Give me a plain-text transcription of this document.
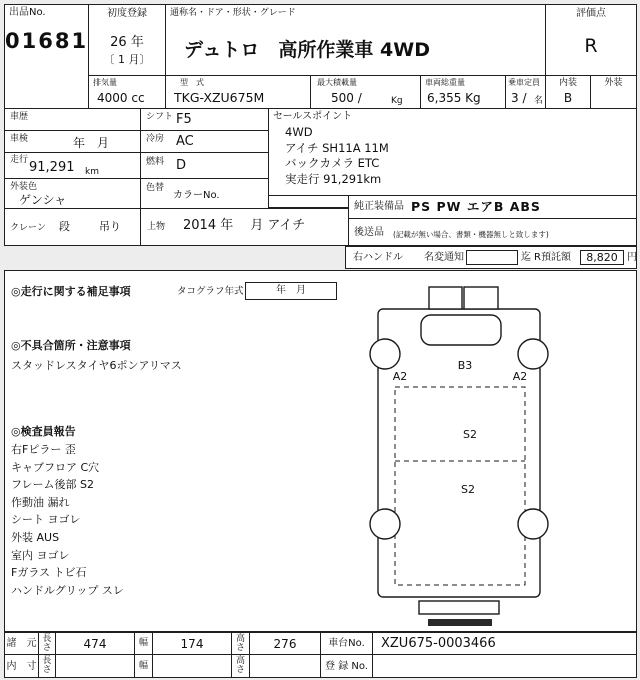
出品No.
01681
初度登録
26 年
〔 1 月〕
通称名・ドア・形状・グレード
デュトロ　高所作業車 4WD
評価点
R
排気量
4000 cc
型　式
TKG-XZU675M
最大積載量
500 /	Kg
車両総重量
6,355 Kg
乗車定員
3 / 名
内装
B
外装
車歴	シフト F5
車検	年　月	冷房 AC
走行 91,291 km
燃料 D
外装色
ゲンシャ
色替
カラーNo.
クレーン 段	吊り	上物 2014 年　 月 アイチ
セールスポイント
4WD
アイチ SH11A 11M
バックカメラ ETC
実走行 91,291km
純正装備品 PS PW エアB ABS
後送品 (記載が無い場合、書類・機器無しと致します)
右ハンドル 名変通知	迄 R預託額	8,820 円
◎走行に関する補足事項	タコグラフ年式	年　月
◎不具合箇所・注意事項
スタッドレスタイヤ6ポンアリマス
◎検査員報告
右Fピラー 歪
キャブフロア C穴
フレーム後部 S2
作動油 漏れ
シート ヨゴレ
外装 AUS
室内 ヨゴレ
Fガラス トビ石
ハンドルグリップ スレ
A2
B3
A2
S2
S2
諸　元 長さ	474	幅	174	高さ	276	車台No.	XZU675-0003466
内　寸 長さ	幅	高さ	登 録 No.
